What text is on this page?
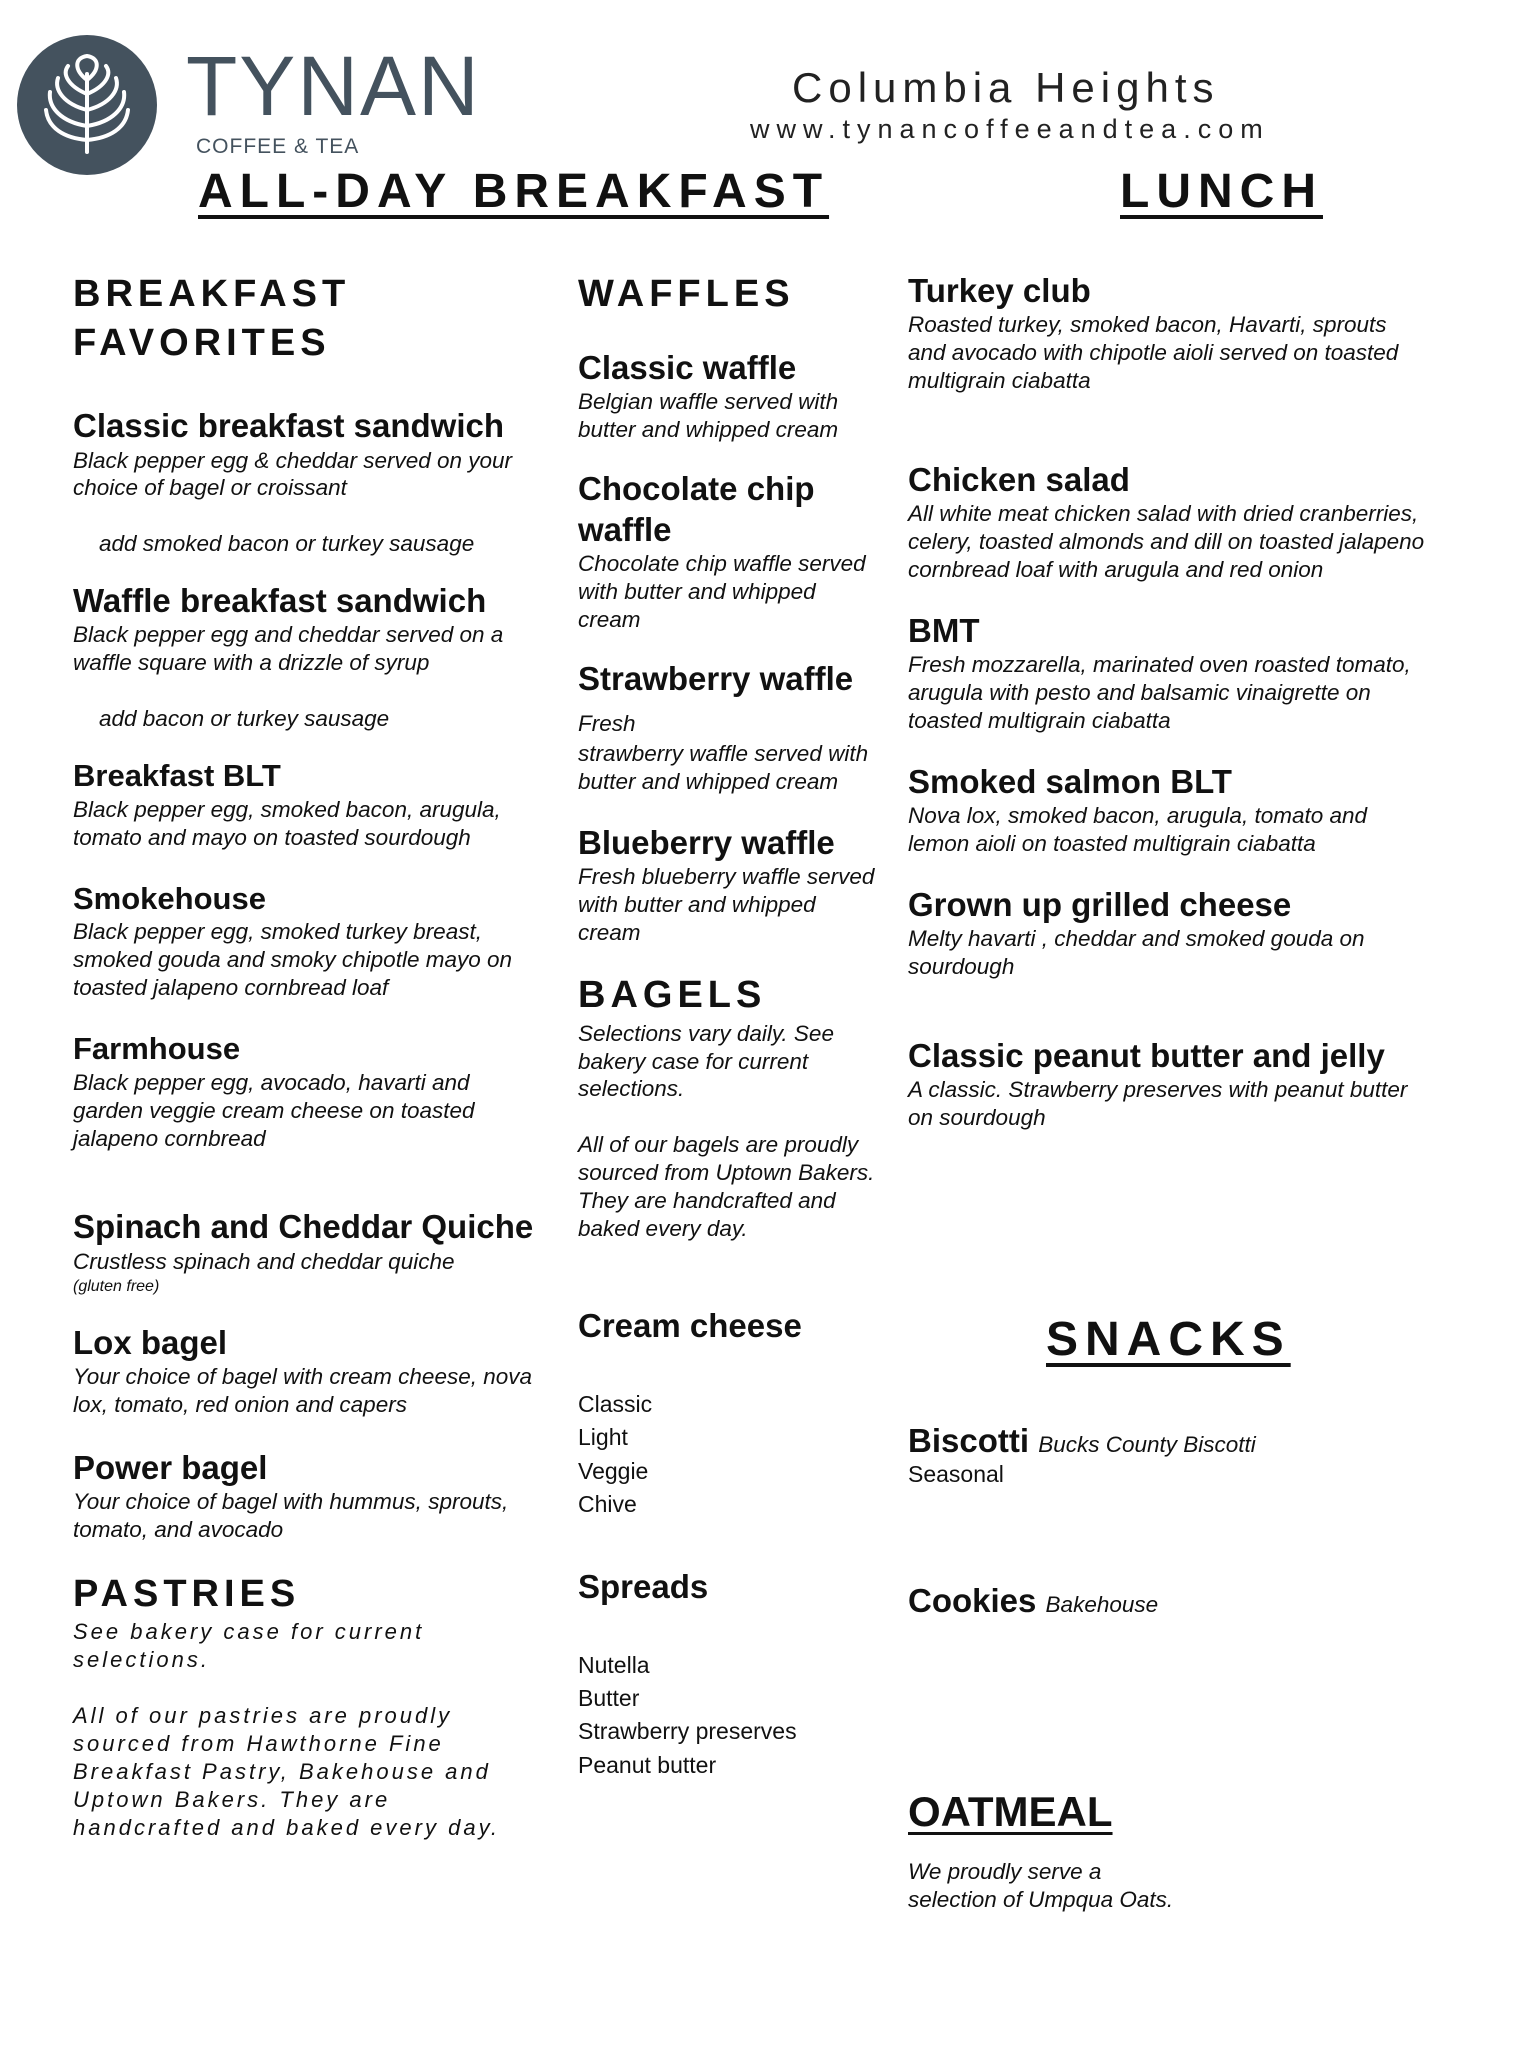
TYNAN
COFFEE & TEA
Columbia Heights
www.tynancoffeeandtea.com
ALL-DAY BREAKFAST	LUNCH
BREAKFAST
FAVORITES
Classic breakfast sandwich
Black pepper egg & cheddar served on your choice of bagel or croissant
add smoked bacon or turkey sausage
Waffle breakfast sandwich
Black pepper egg and cheddar served on a waffle square with a drizzle of syrup
add bacon or turkey sausage
Breakfast BLT
Black pepper egg, smoked bacon, arugula, tomato and mayo on toasted sourdough
Smokehouse
Black pepper egg, smoked turkey breast, smoked gouda and smoky chipotle mayo on toasted jalapeno cornbread loaf
Farmhouse
Black pepper egg, avocado, havarti and garden veggie cream cheese on toasted jalapeno cornbread
Spinach and Cheddar Quiche
Crustless spinach and cheddar quiche
(gluten free)
Lox bagel
Your choice of bagel with cream cheese, nova lox, tomato, red onion and capers
Power bagel
Your choice of bagel with hummus, sprouts, tomato, and avocado
PASTRIES
See bakery case for current selections.
All of our pastries are proudly sourced from Hawthorne Fine Breakfast Pastry, Bakehouse and Uptown Bakers. They are handcrafted and baked every day.
WAFFLES
Classic waffle
Belgian waffle served with butter and whipped cream
Chocolate chip waffle
Chocolate chip waffle served with butter and whipped cream
Strawberry waffle Fresh
strawberry waffle served with butter and whipped cream
Blueberry waffle
Fresh blueberry waffle served with butter and whipped cream
BAGELS
Selections vary daily. See bakery case for current selections.
All of our bagels are proudly sourced from Uptown Bakers. They are handcrafted and baked every day.
Cream cheese
Classic
Light
Veggie
Chive
Spreads
Nutella
Butter
Strawberry preserves
Peanut butter
Turkey club
Roasted turkey, smoked bacon, Havarti, sprouts and avocado with chipotle aioli served on toasted multigrain ciabatta
Chicken salad
All white meat chicken salad with dried cranberries, celery, toasted almonds and dill on toasted jalapeno cornbread loaf with arugula and red onion
BMT
Fresh mozzarella, marinated oven roasted tomato, arugula with pesto and balsamic vinaigrette on toasted multigrain ciabatta
Smoked salmon BLT
Nova lox, smoked bacon, arugula, tomato and lemon aioli on toasted multigrain ciabatta
Grown up grilled cheese
Melty havarti , cheddar and smoked gouda on sourdough
Classic peanut butter and jelly
A classic. Strawberry preserves with peanut butter on sourdough
SNACKS
Biscotti Bucks County Biscotti
Seasonal
Cookies Bakehouse
OATMEAL
We proudly serve a selection of Umpqua Oats.
